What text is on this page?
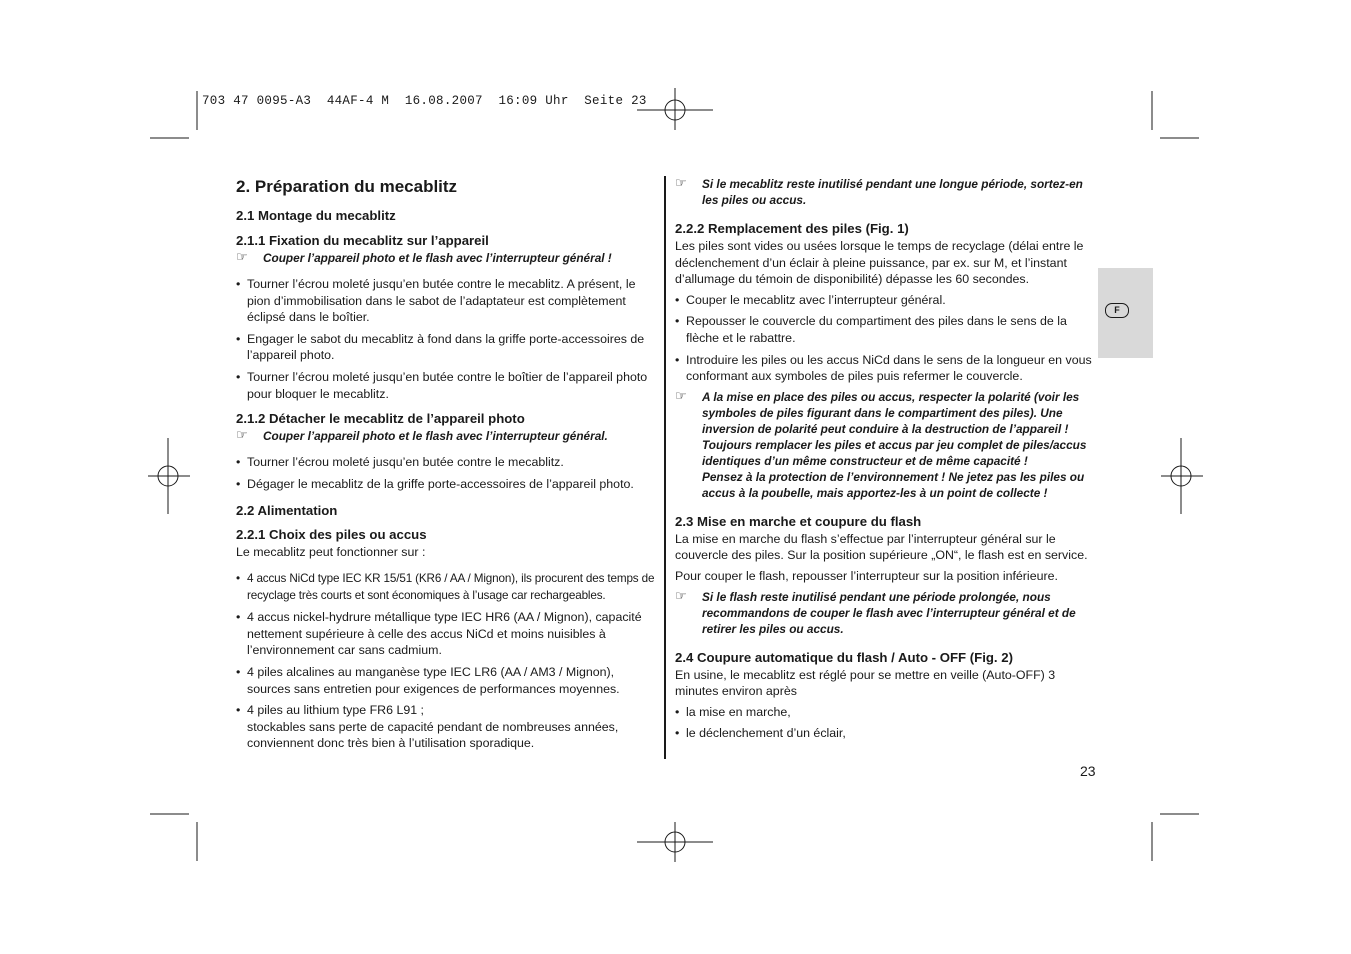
703 47 0095-A3  44AF-4 M  16.08.2007  16:09 Uhr  Seite 23
F
2. Préparation du mecablitz
2.1 Montage du mecablitz
2.1.1 Fixation du mecablitz sur l’appareil
☞ Couper l’appareil photo et le flash avec l’interrupteur général !

• Tourner l’écrou moleté jusqu’en butée contre le mecablitz. A présent, le pion d’immobilisation dans le sabot de l’adaptateur est complètement éclipsé dans le boîtier.

• Engager le sabot du mecablitz à fond dans la griffe porte-accessoires de l’appareil photo.

• Tourner l’écrou moleté jusqu’en butée contre le boîtier de l’appareil photo pour bloquer le mecablitz.

2.1.2 Détacher le mecablitz de l’appareil photo
☞ Couper l’appareil photo et le flash avec l’interrupteur général.

• Tourner l’écrou moleté jusqu’en butée contre le mecablitz.

• Dégager le mecablitz de la griffe porte-accessoires de l’appareil photo.

2.2 Alimentation
2.2.1 Choix des piles ou accus

Le mecablitz peut fonctionner sur :

• 4 accus NiCd type IEC KR 15/51 (KR6 / AA / Mignon), ils procurent des temps de recyclage très courts et sont économiques à l’usage car rechargeables.

• 4 accus nickel-hydrure métallique type IEC HR6 (AA / Mignon), capacité nettement supérieure à celle des accus NiCd et moins nuisibles à l’environnement car sans cadmium.

• 4 piles alcalines au manganèse type IEC LR6 (AA / AM3 / Mignon), sources sans entretien pour exigences de performances moyennes.

• 4 piles au lithium type FR6 L91 ;
stockables sans perte de capacité pendant de nombreuses années, conviennent donc très bien à l’utilisation sporadique.
☞ Si le mecablitz reste inutilisé pendant une longue période, sortez-en les piles ou accus.
2.2.2 Remplacement des piles (Fig. 1)

Les piles sont vides ou usées lorsque le temps de recyclage (délai entre le déclenchement d’un éclair à pleine puissance, par ex. sur M, et l’instant d’allumage du témoin de disponibilité) dépasse les 60 secondes.

• Couper le mecablitz avec l’interrupteur général.

• Repousser le couvercle du compartiment des piles dans le sens de la flèche et le rabattre.

• Introduire les piles ou les accus NiCd dans le sens de la longueur en vous conformant aux symboles de piles puis refermer le couvercle.

☞ A la mise en place des piles ou accus, respecter la polarité (voir les symboles de piles figurant dans le compartiment des piles). Une inversion de polarité peut conduire à la destruction de l’appareil ! Toujours remplacer les piles et accus par jeu complet de piles/accus identiques d’un même constructeur et de même capacité !
Pensez à la protection de l’environnement ! Ne jetez pas les piles ou accus à la poubelle, mais apportez-les à un point de collecte !
2.3 Mise en marche et coupure du flash

La mise en marche du flash s’effectue par l’interrupteur général sur le couvercle des piles. Sur la position supérieure „ON“, le flash est en service.

Pour couper le flash, repousser l’interrupteur sur la position inférieure.

☞ Si le flash reste inutilisé pendant une période prolongée, nous recommandons de couper le flash avec l’interrupteur général et de retirer les piles ou accus.
2.4 Coupure automatique du flash / Auto - OFF (Fig. 2)

En usine, le mecablitz est réglé pour se mettre en veille (Auto-OFF) 3 minutes environ après

• la mise en marche,

• le déclenchement d’un éclair,

23
